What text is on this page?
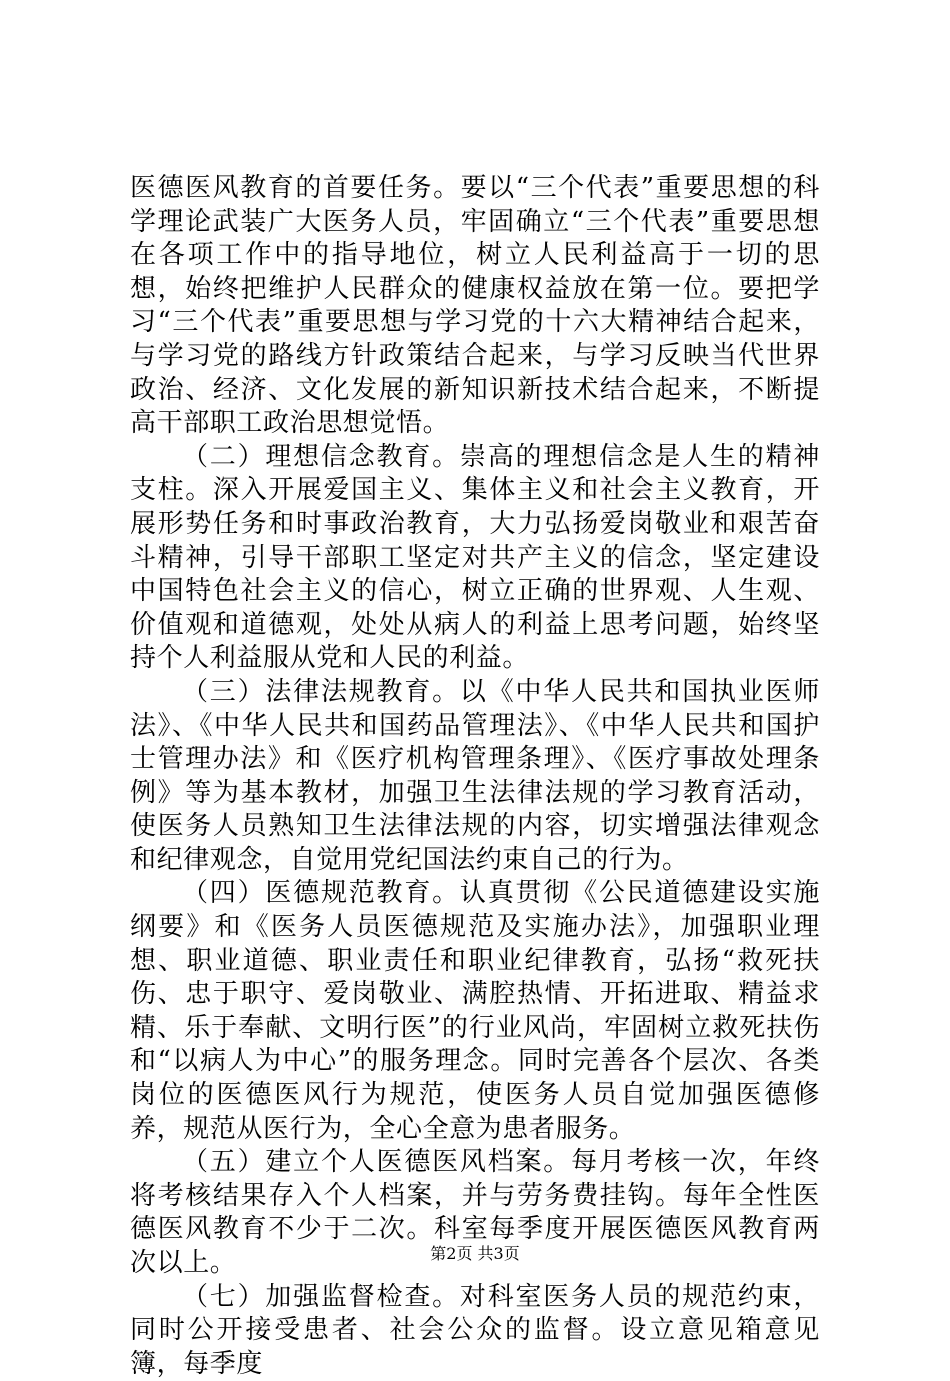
医德医风教育的首要任务。要以“三个代表”重要思想的科学理论武装广大医务人员，牢固确立“三个代表”重要思想在各项工作中的指导地位，树立人民利益高于一切的思想，始终把维护人民群众的健康权益放在第一位。要把学习“三个代表”重要思想与学习党的十六大精神结合起来，与学习党的路线方针政策结合起来，与学习反映当代世界政治、经济、文化发展的新知识新技术结合起来，不断提高干部职工政治思想觉悟。

（二）理想信念教育。崇高的理想信念是人生的精神支柱。深入开展爱国主义、集体主义和社会主义教育，开展形势任务和时事政治教育，大力弘扬爱岗敬业和艰苦奋斗精神，引导干部职工坚定对共产主义的信念，坚定建设中国特色社会主义的信心，树立正确的世界观、人生观、价值观和道德观，处处从病人的利益上思考问题，始终坚持个人利益服从党和人民的利益。

（三）法律法规教育。以《中华人民共和国执业医师法》、《中华人民共和国药品管理法》、《中华人民共和国护士管理办法》和《医疗机构管理条理》、《医疗事故处理条例》等为基本教材，加强卫生法律法规的学习教育活动，使医务人员熟知卫生法律法规的内容，切实增强法律观念和纪律观念，自觉用党纪国法约束自己的行为。

（四）医德规范教育。认真贯彻《公民道德建设实施纲要》和《医务人员医德规范及实施办法》，加强职业理想、职业道德、职业责任和职业纪律教育，弘扬“救死扶伤、忠于职守、爱岗敬业、满腔热情、开拓进取、精益求精、乐于奉献、文明行医”的行业风尚，牢固树立救死扶伤和“以病人为中心”的服务理念。同时完善各个层次、各类岗位的医德医风行为规范，使医务人员自觉加强医德修养，规范从医行为，全心全意为患者服务。

（五）建立个人医德医风档案。每月考核一次，年终将考核结果存入个人档案，并与劳务费挂钩。每年全性医德医风教育不少于二次。科室每季度开展医德医风教育两次以上。

（七）加强监督检查。对科室医务人员的规范约束，同时公开接受患者、社会公众的监督。设立意见箱意见簿，每季度

第2页 共3页
